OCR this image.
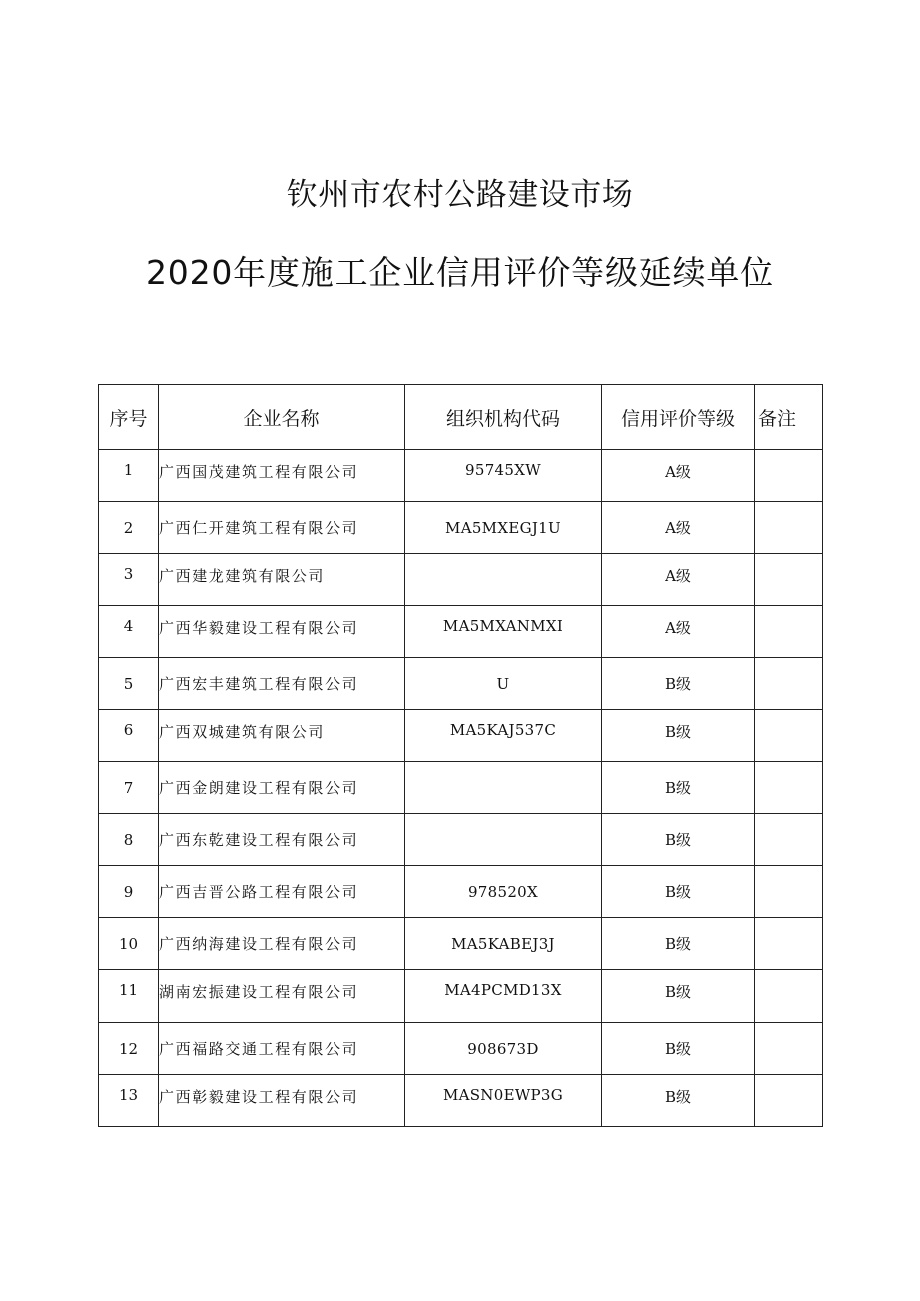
钦州市农村公路建设市场
2020年度施工企业信用评价等级延续单位
序号	企业名称	组织机构代码	信用评价等级	备注
1	广西国茂建筑工程有限公司	95745XW	A级	
2	广西仁开建筑工程有限公司	MA5MXEGJ1U	A级	
3	广西建龙建筑有限公司		A级	
4	广西华毅建设工程有限公司	MA5MXANMXI	A级	
5	广西宏丰建筑工程有限公司	U	B级	
6	广西双城建筑有限公司	MA5KAJ537C	B级	
7	广西金朗建设工程有限公司		B级	
8	广西东乾建设工程有限公司		B级	
9	广西吉晋公路工程有限公司	978520X	B级	
10	广西纳海建设工程有限公司	MA5KABEJ3J	B级	
11	湖南宏振建设工程有限公司	MA4PCMD13X	B级	
12	广西福路交通工程有限公司	908673D	B级	
13	广西彰毅建设工程有限公司	MASN0EWP3G	B级	
